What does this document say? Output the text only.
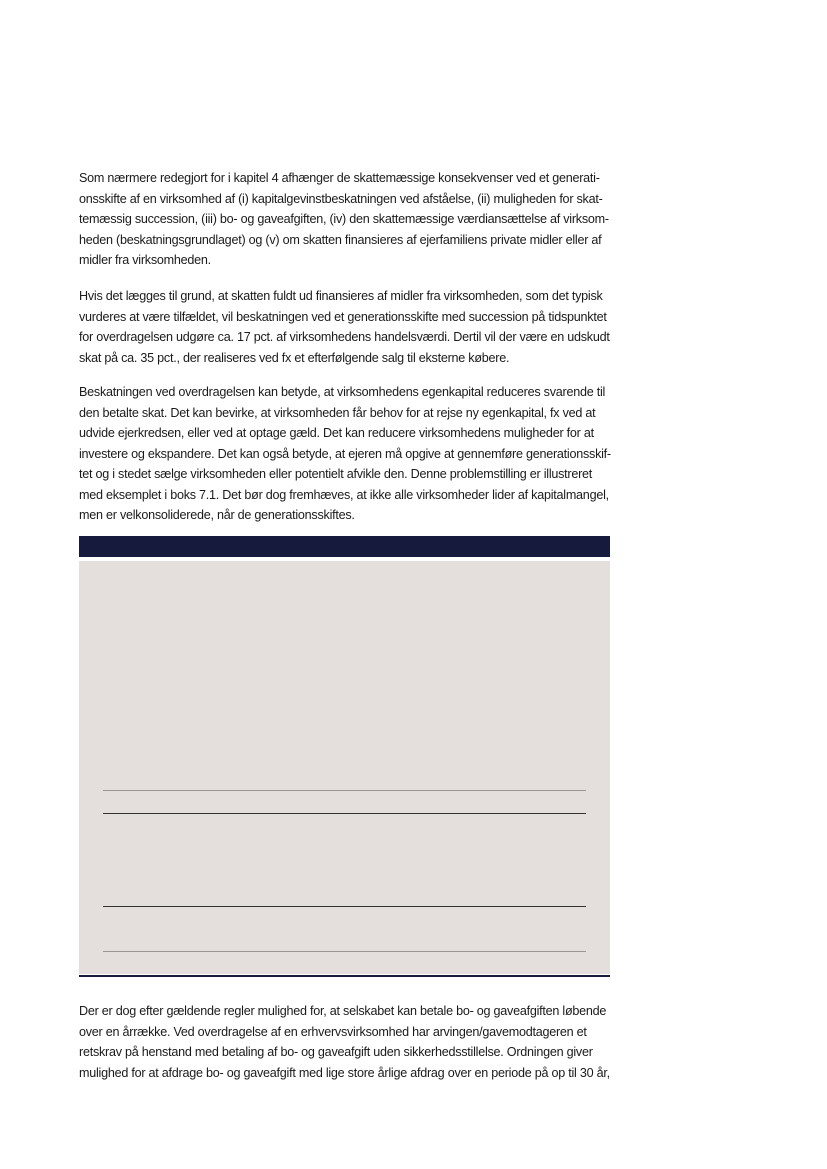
Som nærmere redegjort for i kapitel 4 afhænger de skattemæssige konsekvenser ved et generati-
onsskifte af en virksomhed af (i) kapitalgevinstbeskatningen ved afståelse, (ii) muligheden for skat-
temæssig succession, (iii) bo- og gaveafgiften, (iv) den skattemæssige værdiansættelse af virksom-
heden (beskatningsgrundlaget) og (v) om skatten finansieres af ejerfamiliens private midler eller af
midler fra virksomheden.

Hvis det lægges til grund, at skatten fuldt ud finansieres af midler fra virksomheden, som det typisk
vurderes at være tilfældet, vil beskatningen ved et generationsskifte med succession på tidspunktet
for overdragelsen udgøre ca. 17 pct. af virksomhedens handelsværdi. Dertil vil der være en udskudt
skat på ca. 35 pct., der realiseres ved fx et efterfølgende salg til eksterne købere.

Beskatningen ved overdragelsen kan betyde, at virksomhedens egenkapital reduceres svarende til
den betalte skat. Det kan bevirke, at virksomheden får behov for at rejse ny egenkapital, fx ved at
udvide ejerkredsen, eller ved at optage gæld. Det kan reducere virksomhedens muligheder for at
investere og ekspandere. Det kan også betyde, at ejeren må opgive at gennemføre generationsskif-
tet og i stedet sælge virksomheden eller potentielt afvikle den. Denne problemstilling er illustreret
med eksemplet i boks 7.1. Det bør dog fremhæves, at ikke alle virksomheder lider af kapitalmangel,
men er velkonsoliderede, når de generationsskiftes.

Der er dog efter gældende regler mulighed for, at selskabet kan betale bo- og gaveafgiften løbende
over en årrække. Ved overdragelse af en erhvervsvirksomhed har arvingen/gavemodtageren et
retskrav på henstand med betaling af bo- og gaveafgift uden sikkerhedsstillelse. Ordningen giver
mulighed for at afdrage bo- og gaveafgift med lige store årlige afdrag over en periode på op til 30 år,
